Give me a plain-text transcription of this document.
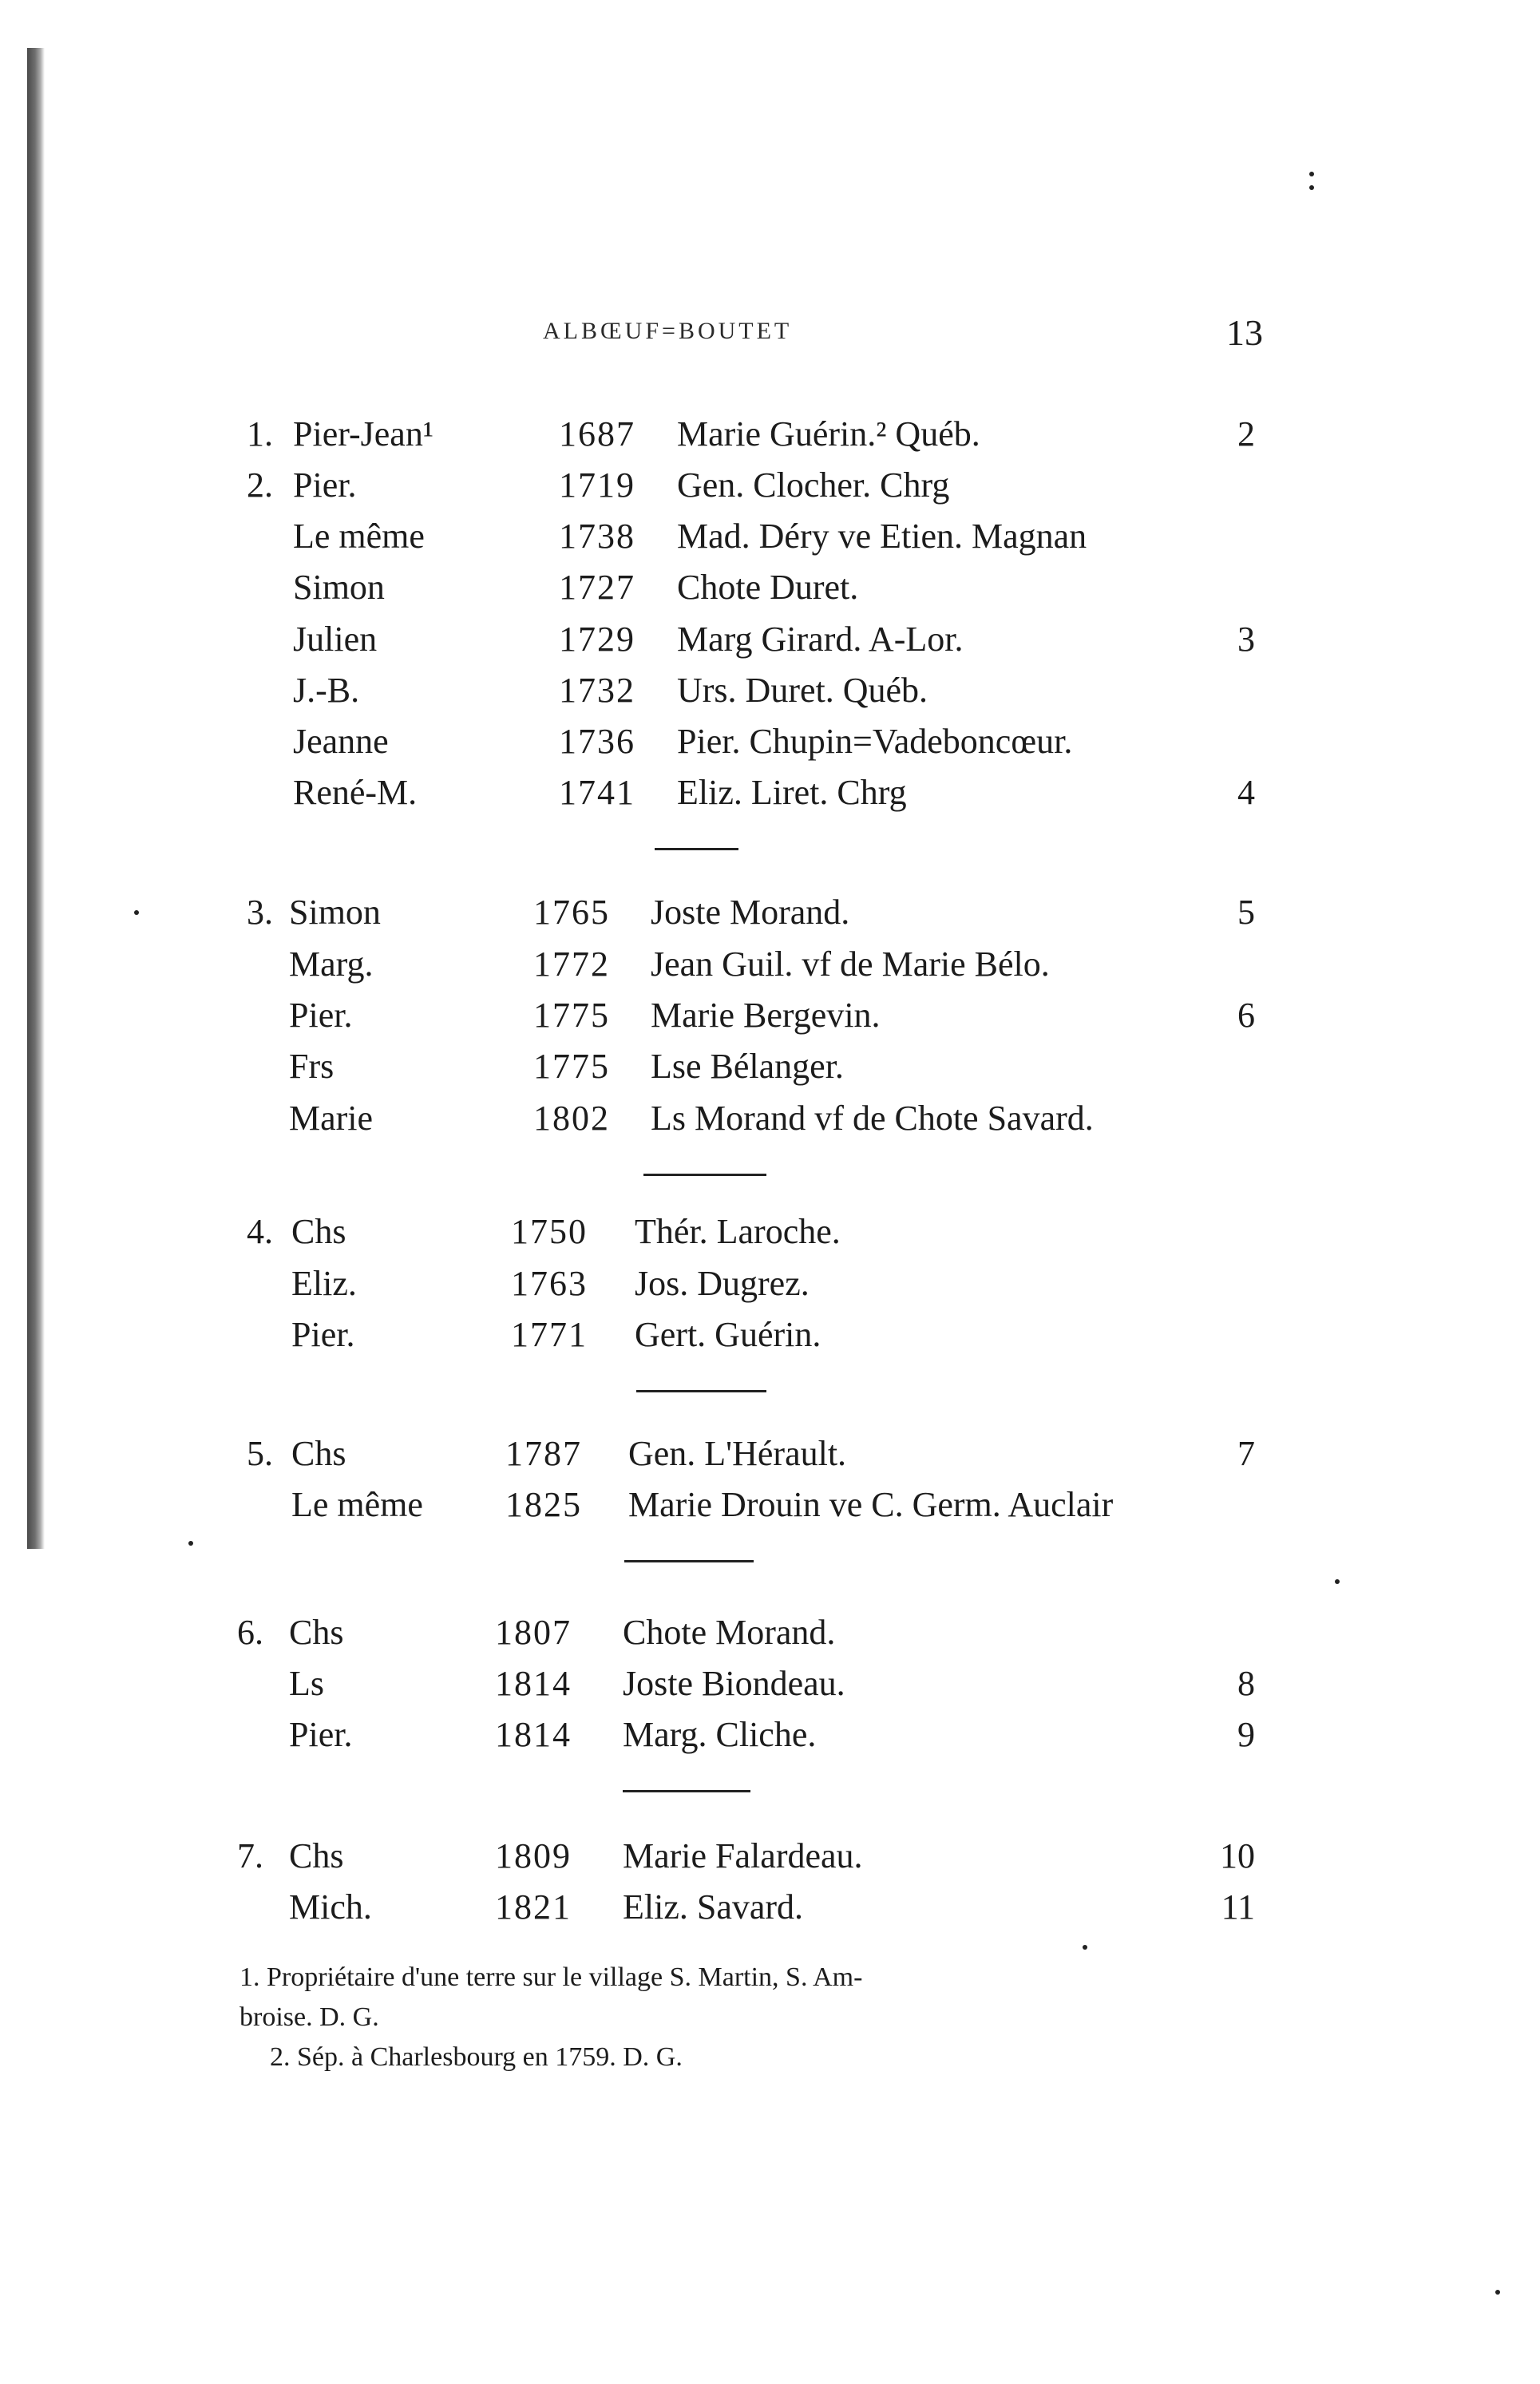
ALBŒUF=BOUTET	13
1. Pier-Jean¹	1687 Marie Guérin.² Québ.	2
2. Pier.	1719 Gen. Clocher. Chrg
Le même	1738 Mad. Déry ve Etien. Magnan
Simon	1727 Chote Duret.
Julien	1729 Marg Girard. A-Lor.	3
J.-B.	1732 Urs. Duret. Québ.
Jeanne	1736 Pier. Chupin=Vadeboncœur.
René-M.	1741 Eliz. Liret. Chrg	4
3. Simon	1765 Joste Morand.	5
Marg.	1772 Jean Guil. vf de Marie Bélo.
Pier.	1775 Marie Bergevin.	6
Frs	1775 Lse Bélanger.
Marie	1802 Ls Morand vf de Chote Savard.
4. Chs	1750 Thér. Laroche.
Eliz.	1763 Jos. Dugrez.
Pier.	1771 Gert. Guérin.
5. Chs	1787 Gen. L'Hérault.	7
Le même 1825 Marie Drouin ve C. Germ. Auclair
6. Chs	1807 Chote Morand.
Ls	1814 Joste Biondeau.	8
Pier.	1814 Marg. Cliche.	9
7. Chs	1809 Marie Falardeau.	10
Mich.	1821 Eliz. Savard.	11

1. Propriétaire d'une terre sur le village S. Martin, S. Am-

broise. D. G.

2. Sép. à Charlesbourg en 1759. D. G.
